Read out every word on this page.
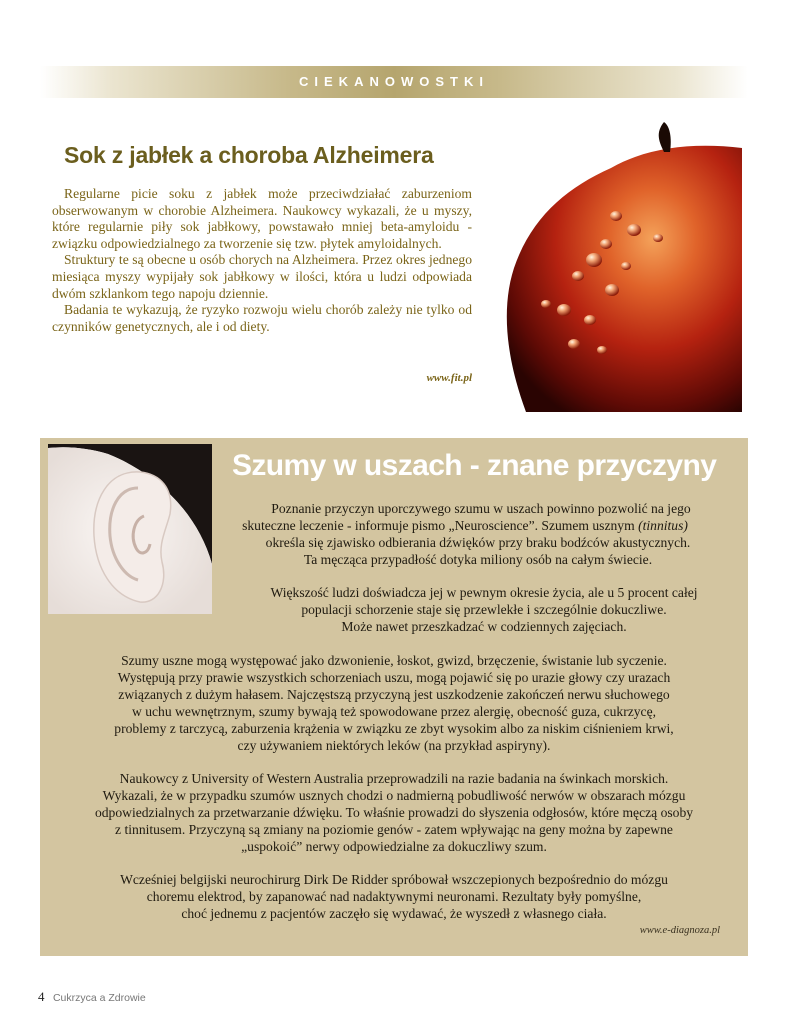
CIEKANOWOSTKI
Sok z jabłek a choroba Alzheimera

Regularne picie soku z jabłek może przeciwdziałać zaburzeniom obserwowanym w chorobie Alzheimera. Naukowcy wykazali, że u myszy, które regularnie piły sok jabłkowy, powstawało mniej beta-amyloidu - związku odpowiedzialnego za tworzenie się tzw. płytek amyloidalnych.

Struktury te są obecne u osób chorych na Alzheimera. Przez okres jednego miesiąca myszy wypijały sok jabłkowy w ilości, która u ludzi odpowiada dwóm szklankom tego napoju dziennie.

Badania te wykazują, że ryzyko rozwoju wielu chorób zależy nie tylko od czynników genetycznych, ale i od diety.

www.fit.pl
Szumy w uszach - znane przyczyny
Poznanie przyczyn uporczywego szumu w uszach powinno pozwolić na jego
skuteczne leczenie - informuje pismo „Neuroscience”. Szumem usznym (tinnitus)
określa się zjawisko odbierania dźwięków przy braku bodźców akustycznych.
Ta męcząca przypadłość dotyka miliony osób na całym świecie.
Większość ludzi doświadcza jej w pewnym okresie życia, ale u 5 procent całej
populacji schorzenie staje się przewlekłe i szczególnie dokuczliwe.
Może nawet przeszkadzać w codziennych zajęciach.
Szumy uszne mogą występować jako dzwonienie, łoskot, gwizd, brzęczenie, świstanie lub syczenie.
Występują przy prawie wszystkich schorzeniach uszu, mogą pojawić się po urazie głowy czy urazach
związanych z dużym hałasem. Najczęstszą przyczyną jest uszkodzenie zakończeń nerwu słuchowego
w uchu wewnętrznym, szumy bywają też spowodowane przez alergię, obecność guza, cukrzycę,
problemy z tarczycą, zaburzenia krążenia w związku ze zbyt wysokim albo za niskim ciśnieniem krwi,
czy używaniem niektórych leków (na przykład aspiryny).
Naukowcy z University of Western Australia przeprowadzili na razie badania na świnkach morskich.
Wykazali, że w przypadku szumów usznych chodzi o nadmierną pobudliwość nerwów w obszarach mózgu
odpowiedzialnych za przetwarzanie dźwięku. To właśnie prowadzi do słyszenia odgłosów, które męczą osoby
z tinnitusem. Przyczyną są zmiany na poziomie genów - zatem wpływając na geny można by zapewne
„uspokoić” nerwy odpowiedzialne za dokuczliwy szum.
Wcześniej belgijski neurochirurg Dirk De Ridder spróbował wszczepionych bezpośrednio do mózgu
choremu elektrod, by zapanować nad nadaktywnymi neuronami. Rezultaty były pomyślne,
choć jednemu z pacjentów zaczęło się wydawać, że wyszedł z własnego ciała.
www.e-diagnoza.pl
4 Cukrzyca a Zdrowie
